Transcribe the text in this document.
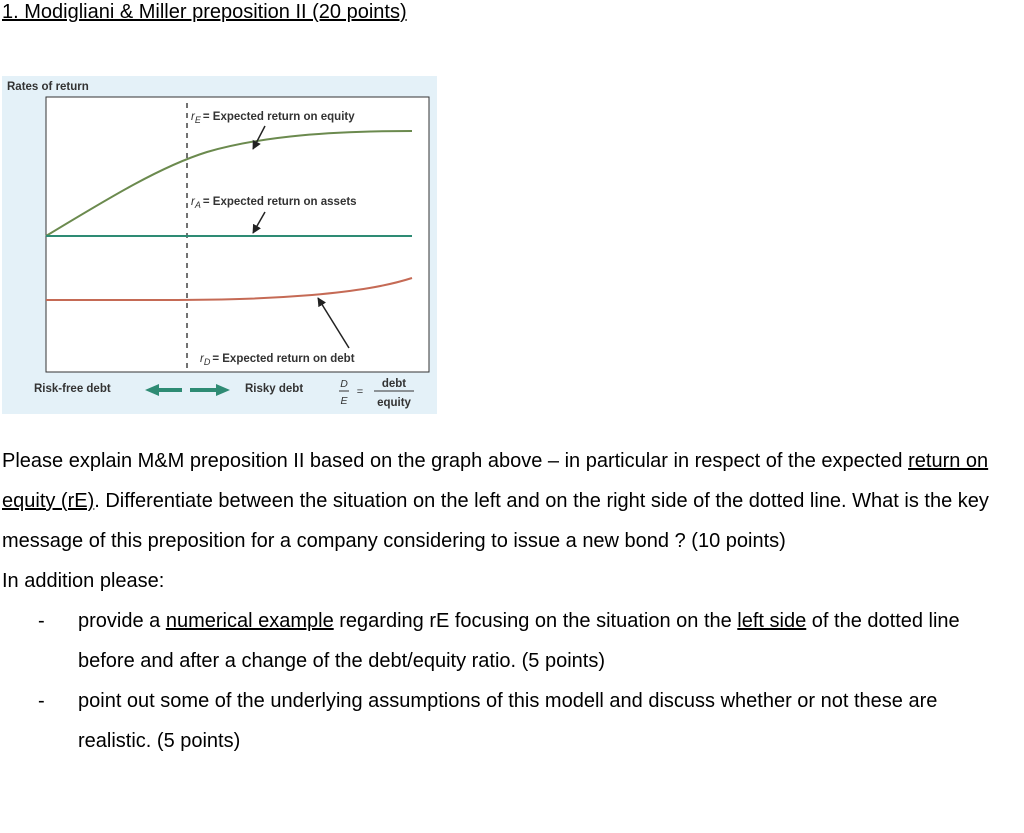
1. Modigliani & Miller preposition II (20 points)
Rates of return
$r_E$ = Expected return on equity
$r_A$ = Expected return on assets
$r_D$ = Expected return on debt
Risk-free debt	Risky debt	D
E
=
debt
equity

Please explain M&M preposition II based on the graph above – in particular in respect of the expected return on equity (rE). Differentiate between the situation on the left and on the right side of the dotted line. What is the key message of this preposition for a company considering to issue a new bond ? (10 points)

In addition please:

- provide a numerical example regarding rE focusing on the situation on the left side of the dotted line before and after a change of the debt/equity ratio. (5 points)
- point out some of the underlying assumptions of this modell and discuss whether or not these are realistic. (5 points)
